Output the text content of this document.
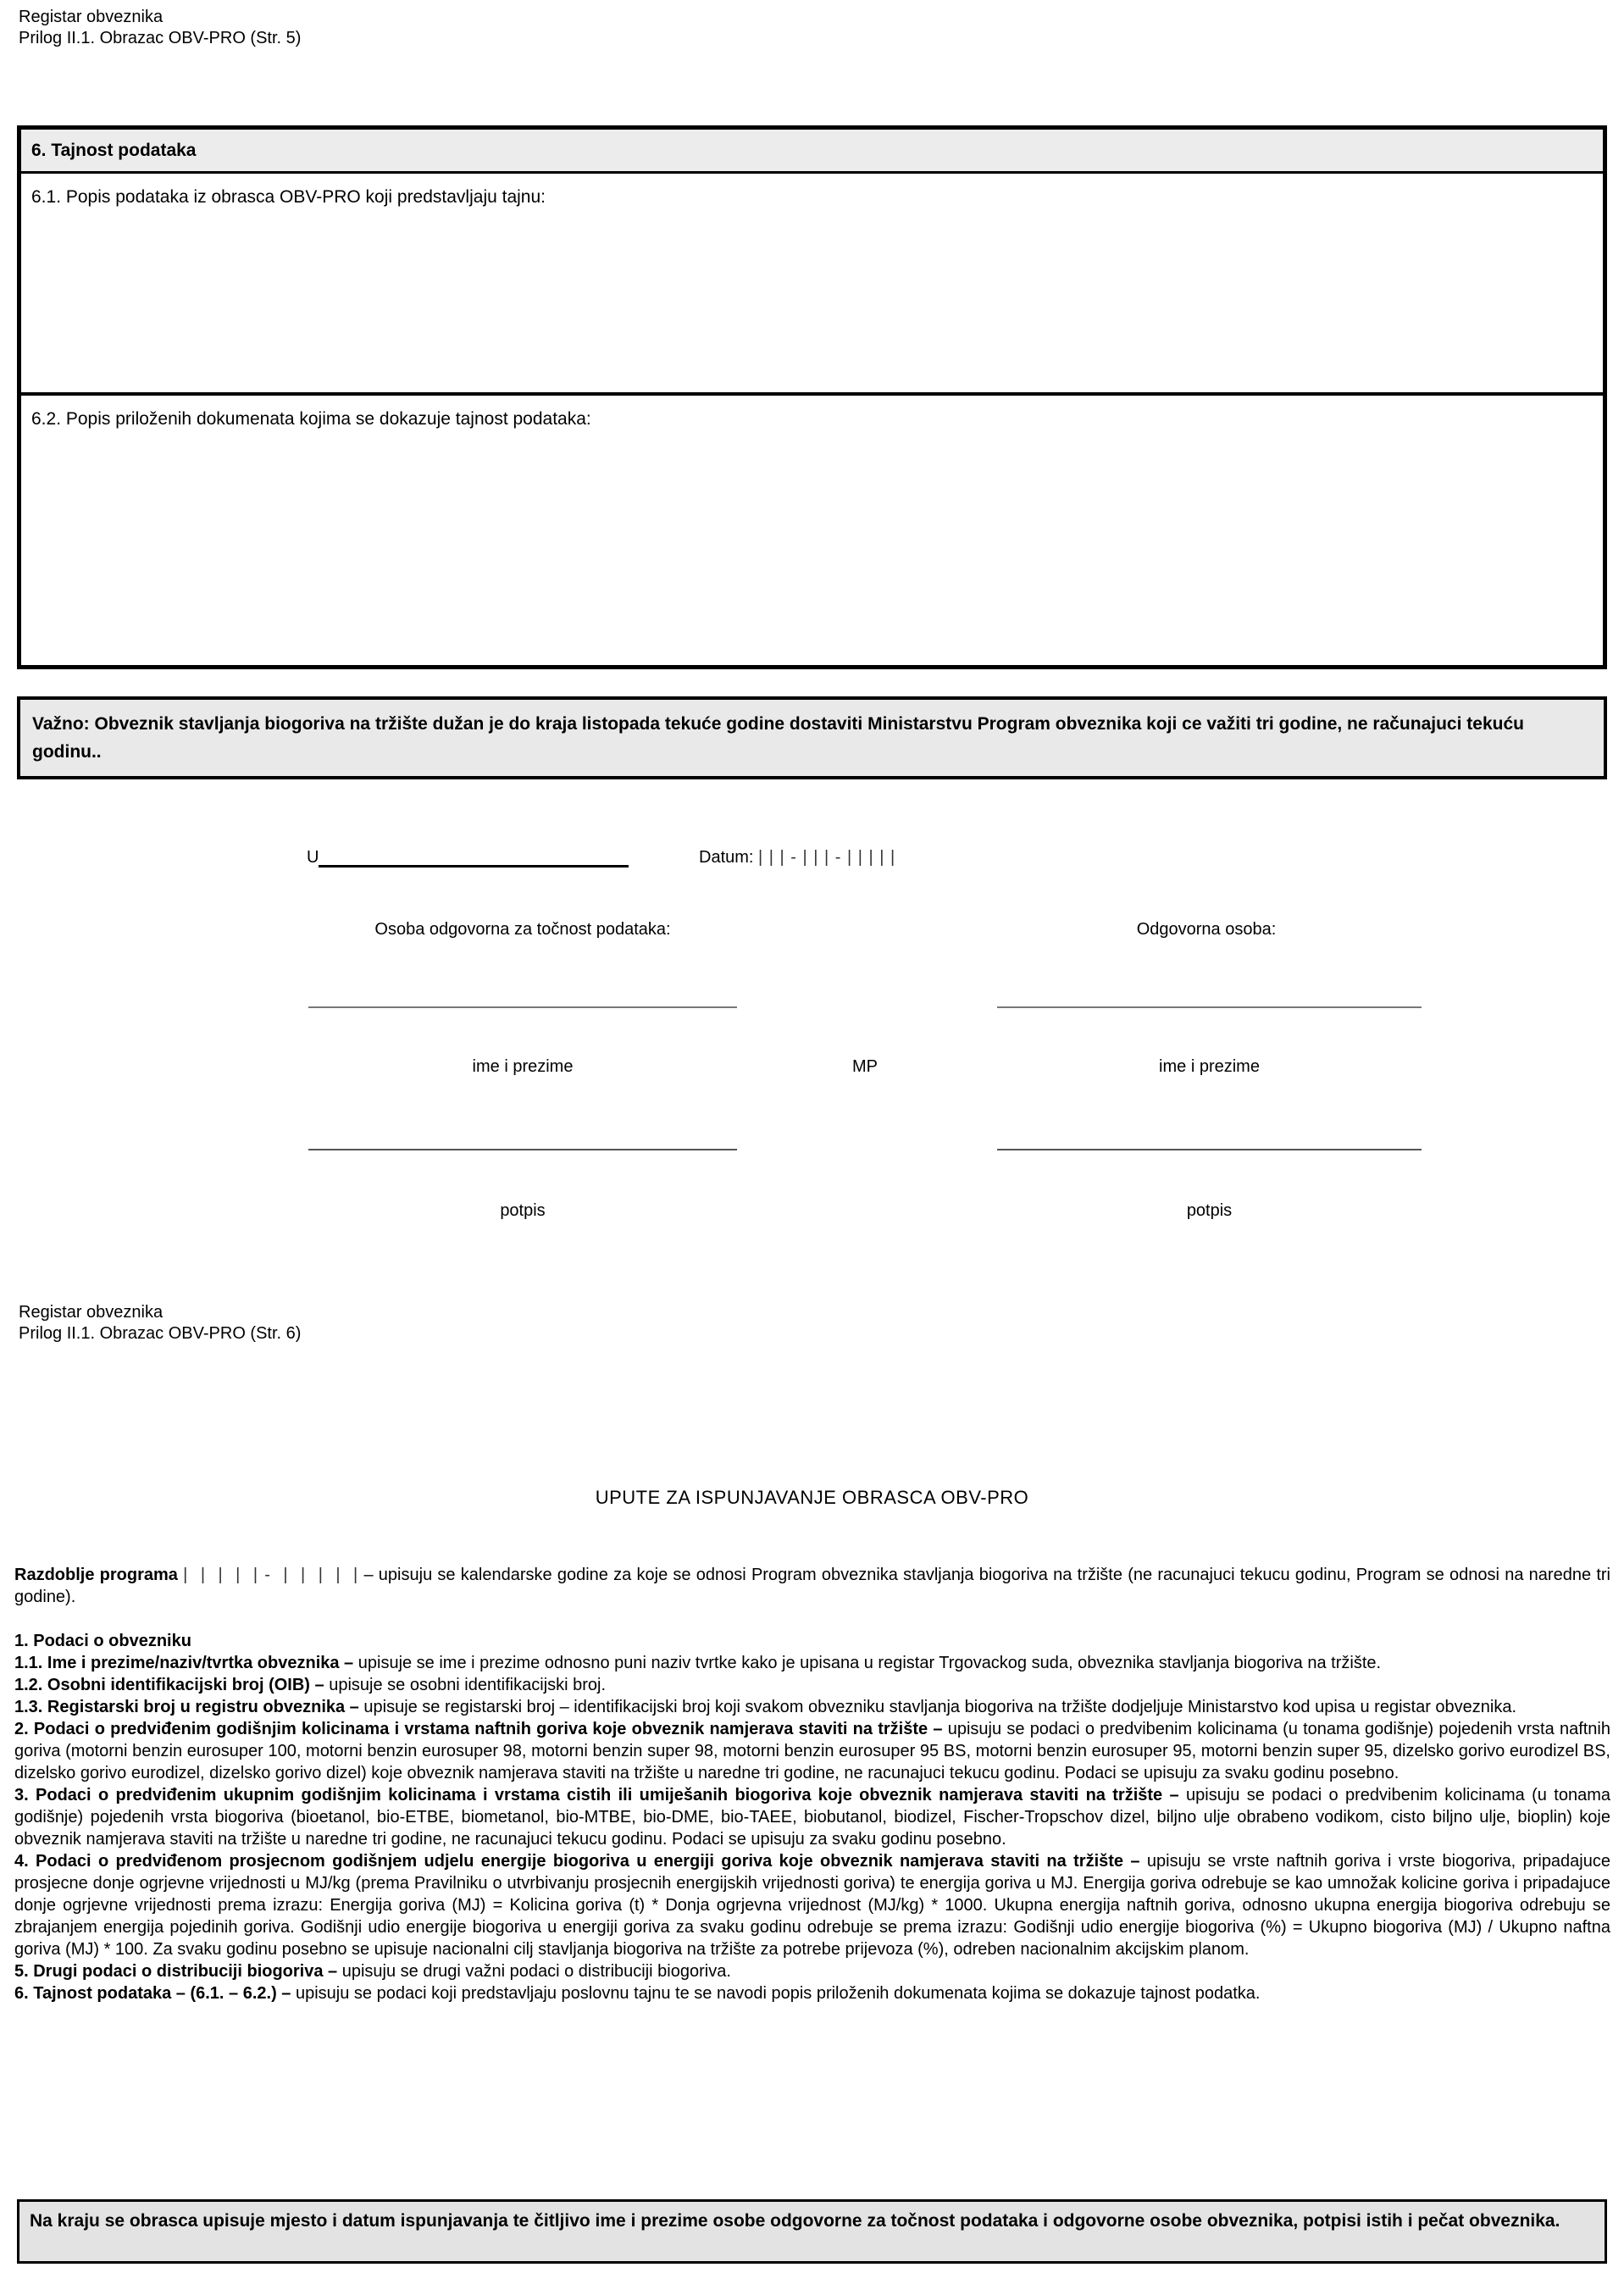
Registar obveznika
Prilog II.1. Obrazac OBV-PRO (Str. 5)
6. Tajnost podataka
6.1. Popis podataka iz obrasca OBV-PRO koji predstavljaju tajnu:
6.2. Popis priloženih dokumenata kojima se dokazuje tajnost podataka:

Važno: Obveznik stavljanja biogoriva na tržište dužan je do kraja listopada tekuće godine dostaviti Ministarstvu Program obveznika koji ce važiti tri godine, ne računajuci tekuću godinu..

U	Datum: | | | - | | | - | | | | |
Osoba odgovorna za točnost podataka:	Odgovorna osoba:
ime i prezime	MP	ime i prezime
potpis	potpis
Registar obveznika
Prilog II.1. Obrazac OBV-PRO (Str. 6)
UPUTE ZA ISPUNJAVANJE OBRASCA OBV-PRO

Razdoblje programa |  |  |  |  | -  |  |  |  |  | – upisuju se kalendarske godine za koje se odnosi Program obveznika stavljanja biogoriva na tržište (ne racunajuci tekucu godinu, Program se odnosi na naredne tri godine).

1. Podaci o obvezniku

1.1. Ime i prezime/naziv/tvrtka obveznika – upisuje se ime i prezime odnosno puni naziv tvrtke kako je upisana u registar Trgovackog suda, obveznika stavljanja biogoriva na tržište.

1.2. Osobni identifikacijski broj (OIB) – upisuje se osobni identifikacijski broj.

1.3. Registarski broj u registru obveznika – upisuje se registarski broj – identifikacijski broj koji svakom obvezniku stavljanja biogoriva na tržište dodjeljuje Ministarstvo kod upisa u registar obveznika.

2. Podaci o predviđenim godišnjim kolicinama i vrstama naftnih goriva koje obveznik namjerava staviti na tržište – upisuju se podaci o predvibenim kolicinama (u tonama godišnje) pojedenih vrsta naftnih goriva (motorni benzin eurosuper 100, motorni benzin eurosuper 98, motorni benzin super 98, motorni benzin eurosuper 95 BS, motorni benzin eurosuper 95, motorni benzin super 95, dizelsko gorivo eurodizel BS, dizelsko gorivo eurodizel, dizelsko gorivo dizel) koje obveznik namjerava staviti na tržište u naredne tri godine, ne racunajuci tekucu godinu. Podaci se upisuju za svaku godinu posebno.

3. Podaci o predviđenim ukupnim godišnjim kolicinama i vrstama cistih ili umiješanih biogoriva koje obveznik namjerava staviti na tržište – upisuju se podaci o predvibenim kolicinama (u tonama godišnje) pojedenih vrsta biogoriva (bioetanol, bio-ETBE, biometanol, bio-MTBE, bio-DME, bio-TAEE, biobutanol, biodizel, Fischer-Tropschov dizel, biljno ulje obrabeno vodikom, cisto biljno ulje, bioplin) koje obveznik namjerava staviti na tržište u naredne tri godine, ne racunajuci tekucu godinu. Podaci se upisuju za svaku godinu posebno.

4. Podaci o predviđenom prosjecnom godišnjem udjelu energije biogoriva u energiji goriva koje obveznik namjerava staviti na tržište – upisuju se vrste naftnih goriva i vrste biogoriva, pripadajuce prosjecne donje ogrjevne vrijednosti u MJ/kg (prema Pravilniku o utvrbivanju prosjecnih energijskih vrijednosti goriva) te energija goriva u MJ. Energija goriva odrebuje se kao umnožak kolicine goriva i pripadajuce donje ogrjevne vrijednosti prema izrazu: Energija goriva (MJ) = Kolicina goriva (t) * Donja ogrjevna vrijednost (MJ/kg) * 1000. Ukupna energija naftnih goriva, odnosno ukupna energija biogoriva odrebuju se zbrajanjem energija pojedinih goriva. Godišnji udio energije biogoriva u energiji goriva za svaku godinu odrebuje se prema izrazu: Godišnji udio energije biogoriva (%) = Ukupno biogoriva (MJ) / Ukupno naftna goriva (MJ) * 100. Za svaku godinu posebno se upisuje nacionalni cilj stavljanja biogoriva na tržište za potrebe prijevoza (%), odreben nacionalnim akcijskim planom.

5. Drugi podaci o distribuciji biogoriva – upisuju se drugi važni podaci o distribuciji biogoriva.

6. Tajnost podataka – (6.1. – 6.2.) – upisuju se podaci koji predstavljaju poslovnu tajnu te se navodi popis priloženih dokumenata kojima se dokazuje tajnost podatka.

Na kraju se obrasca upisuje mjesto i datum ispunjavanja te čitljivo ime i prezime osobe odgovorne za točnost podataka i odgovorne osobe obveznika, potpisi istih i pečat obveznika.
